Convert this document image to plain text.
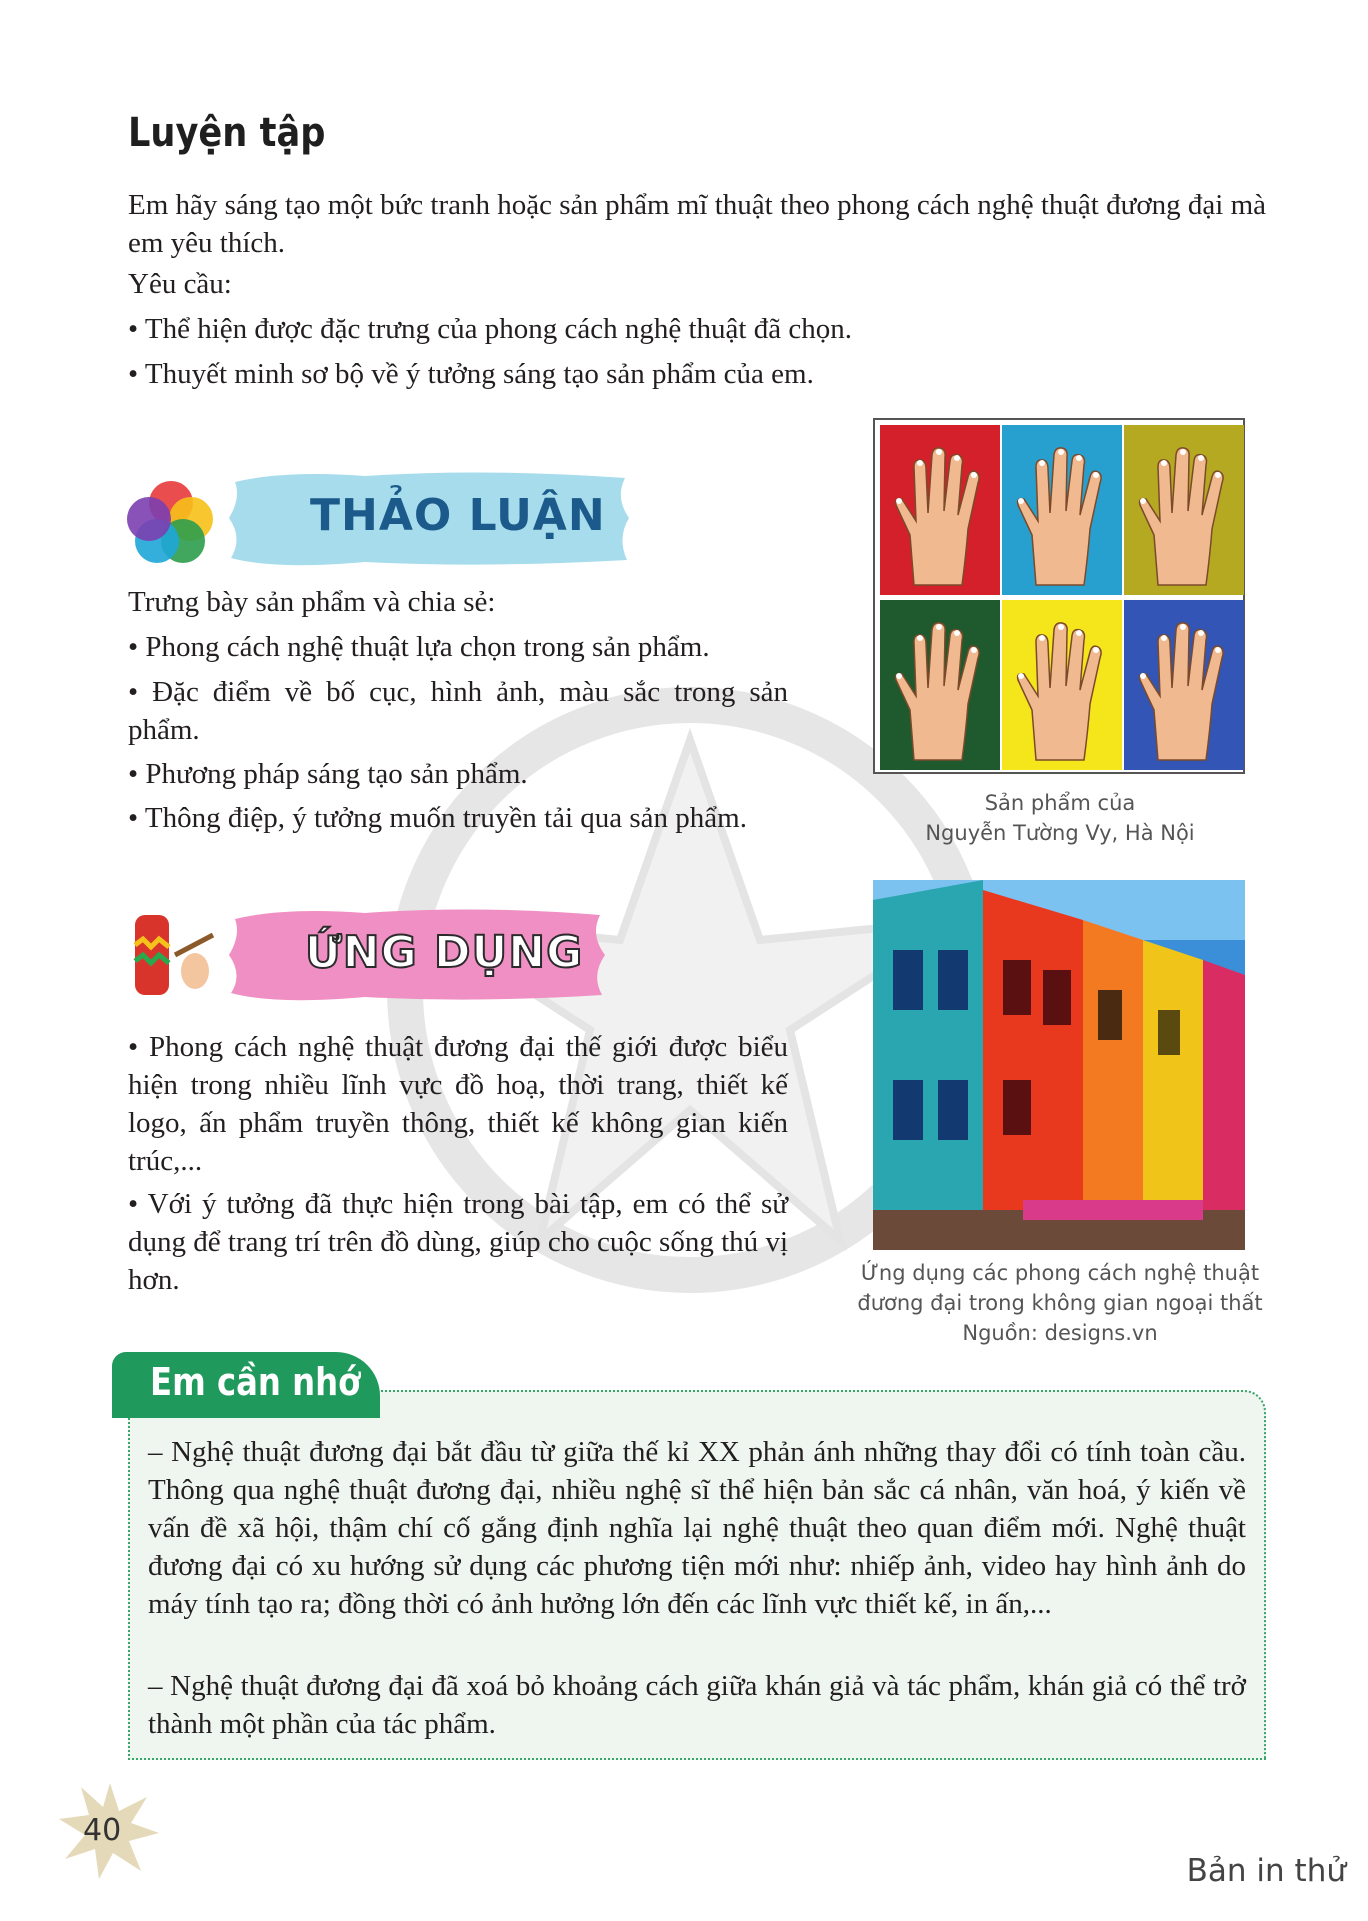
Luyện tập

Em hãy sáng tạo một bức tranh hoặc sản phẩm mĩ thuật theo phong cách nghệ thuật đương đại mà em yêu thích.

Yêu cầu:
• Thể hiện được đặc trưng của phong cách nghệ thuật đã chọn.
• Thuyết minh sơ bộ về ý tưởng sáng tạo sản phẩm của em.
THẢO LUẬN
Trưng bày sản phẩm và chia sẻ:
• Phong cách nghệ thuật lựa chọn trong sản phẩm.

• Đặc điểm về bố cục, hình ảnh, màu sắc trong sản phẩm.

• Phương pháp sáng tạo sản phẩm.
• Thông điệp, ý tưởng muốn truyền tải qua sản phẩm.	Sản phẩm của
Nguyễn Tường Vy, Hà Nội
ỨNG DỤNG

• Phong cách nghệ thuật đương đại thế giới được biểu hiện trong nhiều lĩnh vực đồ hoạ, thời trang, thiết kế logo, ấn phẩm truyền thông, thiết kế không gian kiến trúc,...

• Với ý tưởng đã thực hiện trong bài tập, em có thể sử dụng để trang trí trên đồ dùng, giúp cho cuộc sống thú vị hơn.	Ứng dụng các phong cách nghệ thuật
đương đại trong không gian ngoại thất
Nguồn: designs.vn
Em cần nhớ

– Nghệ thuật đương đại bắt đầu từ giữa thế kỉ XX phản ánh những thay đổi có tính toàn cầu. Thông qua nghệ thuật đương đại, nhiều nghệ sĩ thể hiện bản sắc cá nhân, văn hoá, ý kiến về vấn đề xã hội, thậm chí cố gắng định nghĩa lại nghệ thuật theo quan điểm mới. Nghệ thuật đương đại có xu hướng sử dụng các phương tiện mới như: nhiếp ảnh, video hay hình ảnh do máy tính tạo ra; đồng thời có ảnh hưởng lớn đến các lĩnh vực thiết kế, in ấn,...

– Nghệ thuật đương đại đã xoá bỏ khoảng cách giữa khán giả và tác phẩm, khán giả có thể trở thành một phần của tác phẩm.

40
Bản in thử
